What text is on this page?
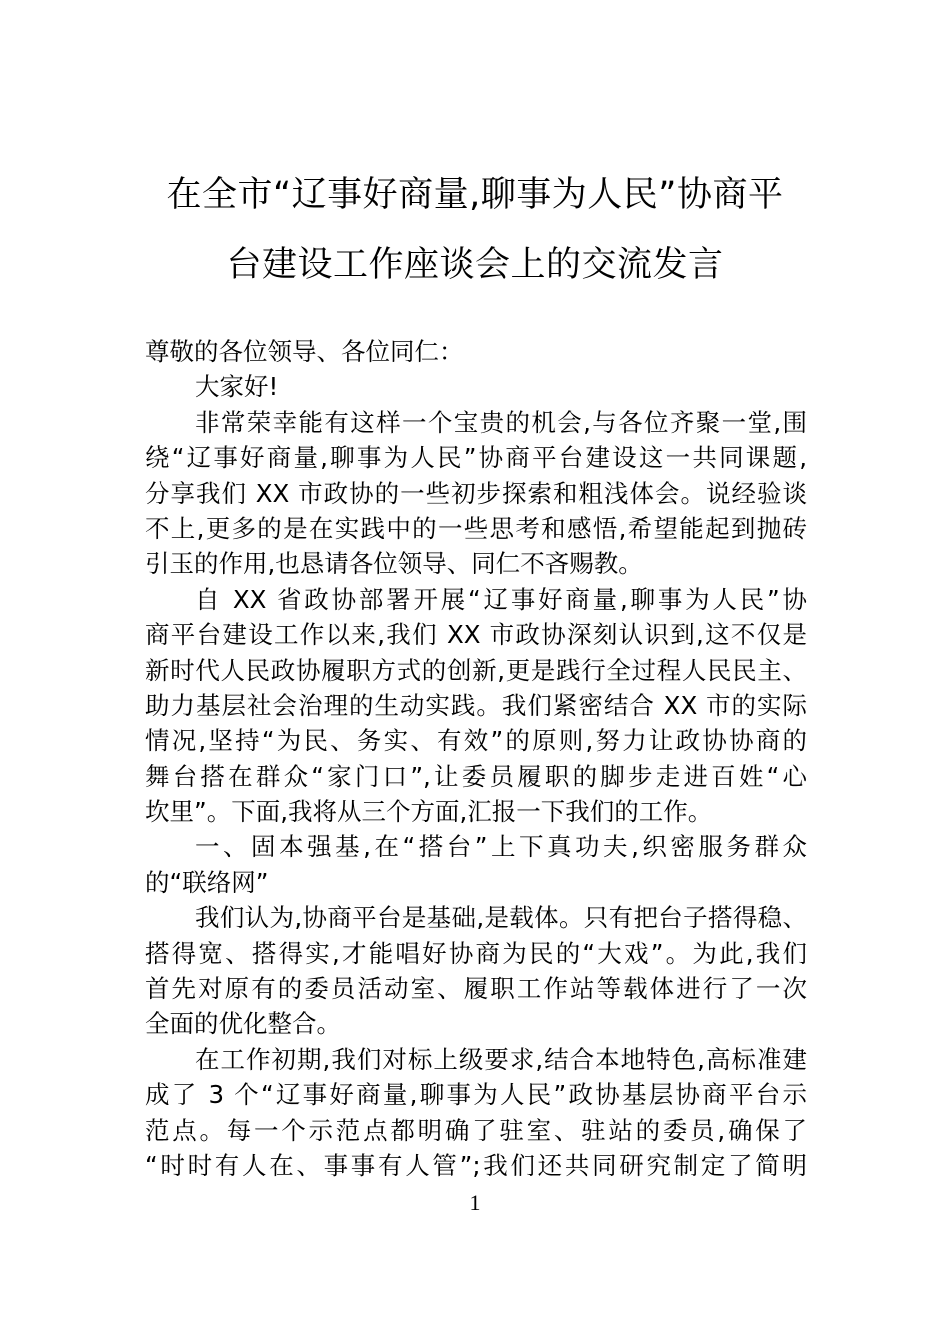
在全市“辽事好商量,聊事为人民”协商平
台建设工作座谈会上的交流发言
尊敬的各位领导、各位同仁：
大家好!
非常荣幸能有这样一个宝贵的机会,与各位齐聚一堂,围
绕“辽事好商量,聊事为人民”协商平台建设这一共同课题,
分享我们 XX 市政协的一些初步探索和粗浅体会。说经验谈
不上,更多的是在实践中的一些思考和感悟,希望能起到抛砖
引玉的作用,也恳请各位领导、同仁不吝赐教。
自 XX 省政协部署开展“辽事好商量,聊事为人民”协
商平台建设工作以来,我们 XX 市政协深刻认识到,这不仅是
新时代人民政协履职方式的创新,更是践行全过程人民民主、
助力基层社会治理的生动实践。我们紧密结合 XX 市的实际
情况,坚持“为民、务实、有效”的原则,努力让政协协商的
舞台搭在群众“家门口”,让委员履职的脚步走进百姓“心
坎里”。下面,我将从三个方面,汇报一下我们的工作。
一、固本强基,在“搭台”上下真功夫,织密服务群众
的“联络网”
我们认为,协商平台是基础,是载体。只有把台子搭得稳、
搭得宽、搭得实,才能唱好协商为民的“大戏”。为此,我们
首先对原有的委员活动室、履职工作站等载体进行了一次
全面的优化整合。
在工作初期,我们对标上级要求,结合本地特色,高标准建
成了 3 个“辽事好商量,聊事为人民”政协基层协商平台示
范点。每一个示范点都明确了驻室、驻站的委员,确保了
“时时有人在、事事有人管”;我们还共同研究制定了简明
1
